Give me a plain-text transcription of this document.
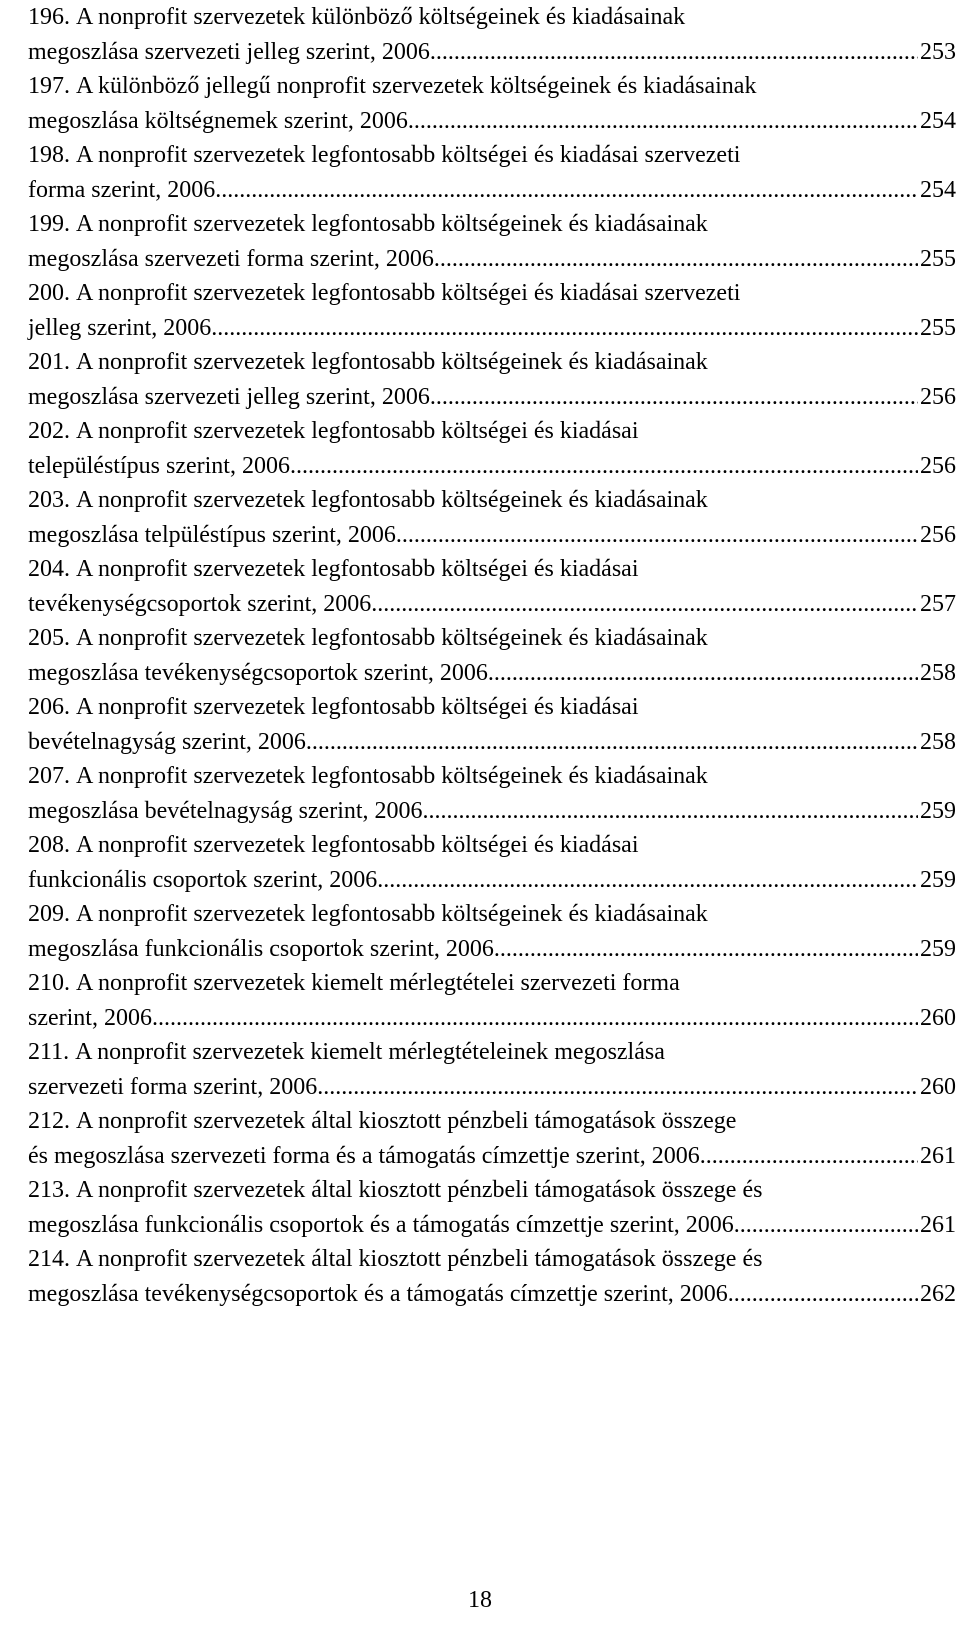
196. A nonprofit szervezetek különböző költségeinek és kiadásainak
megoszlása szervezeti jelleg szerint, 2006 .....	253
197. A különböző jellegű nonprofit szervezetek költségeinek és kiadásainak
megoszlása költségnemek szerint, 2006 .....	254
198. A nonprofit szervezetek legfontosabb költségei és kiadásai szervezeti
forma szerint, 2006 .....	254
199. A nonprofit szervezetek legfontosabb költségeinek és kiadásainak
megoszlása szervezeti forma szerint, 2006 .....	255
200. A nonprofit szervezetek legfontosabb költségei és kiadásai szervezeti
jelleg szerint, 2006 .....	255
201. A nonprofit szervezetek legfontosabb költségeinek és kiadásainak
megoszlása szervezeti jelleg szerint, 2006 .....	256
202. A nonprofit szervezetek legfontosabb költségei és kiadásai
településtípus szerint, 2006 .....	256
203. A nonprofit szervezetek legfontosabb költségeinek és kiadásainak
megoszlása telpüléstípus szerint, 2006 .....	256
204. A nonprofit szervezetek legfontosabb költségei és kiadásai
tevékenységcsoportok szerint, 2006 .....	257
205. A nonprofit szervezetek legfontosabb költségeinek és kiadásainak
megoszlása tevékenységcsoportok szerint, 2006 .....	258
206. A nonprofit szervezetek legfontosabb költségei és kiadásai
bevételnagyság szerint, 2006 .....	258
207. A nonprofit szervezetek legfontosabb költségeinek és kiadásainak
megoszlása bevételnagyság szerint, 2006 .....	259
208. A nonprofit szervezetek legfontosabb költségei és kiadásai
funkcionális csoportok szerint, 2006 .....	259
209. A nonprofit szervezetek legfontosabb költségeinek és kiadásainak
megoszlása funkcionális csoportok szerint, 2006 .....	259
210. A nonprofit szervezetek kiemelt mérlegtételei szervezeti forma
szerint, 2006 .....	260
211. A nonprofit szervezetek kiemelt mérlegtételeinek megoszlása
szervezeti forma szerint, 2006 .....	260
212. A nonprofit szervezetek által kiosztott pénzbeli támogatások összege
és megoszlása szervezeti forma és a támogatás címzettje szerint, 2006 .....	261
213. A nonprofit szervezetek által kiosztott pénzbeli támogatások összege és
megoszlása funkcionális csoportok és a támogatás címzettje szerint, 2006 .....	261
214. A nonprofit szervezetek által kiosztott pénzbeli támogatások összege és
megoszlása tevékenységcsoportok és a támogatás címzettje szerint, 2006 .....	262
18
